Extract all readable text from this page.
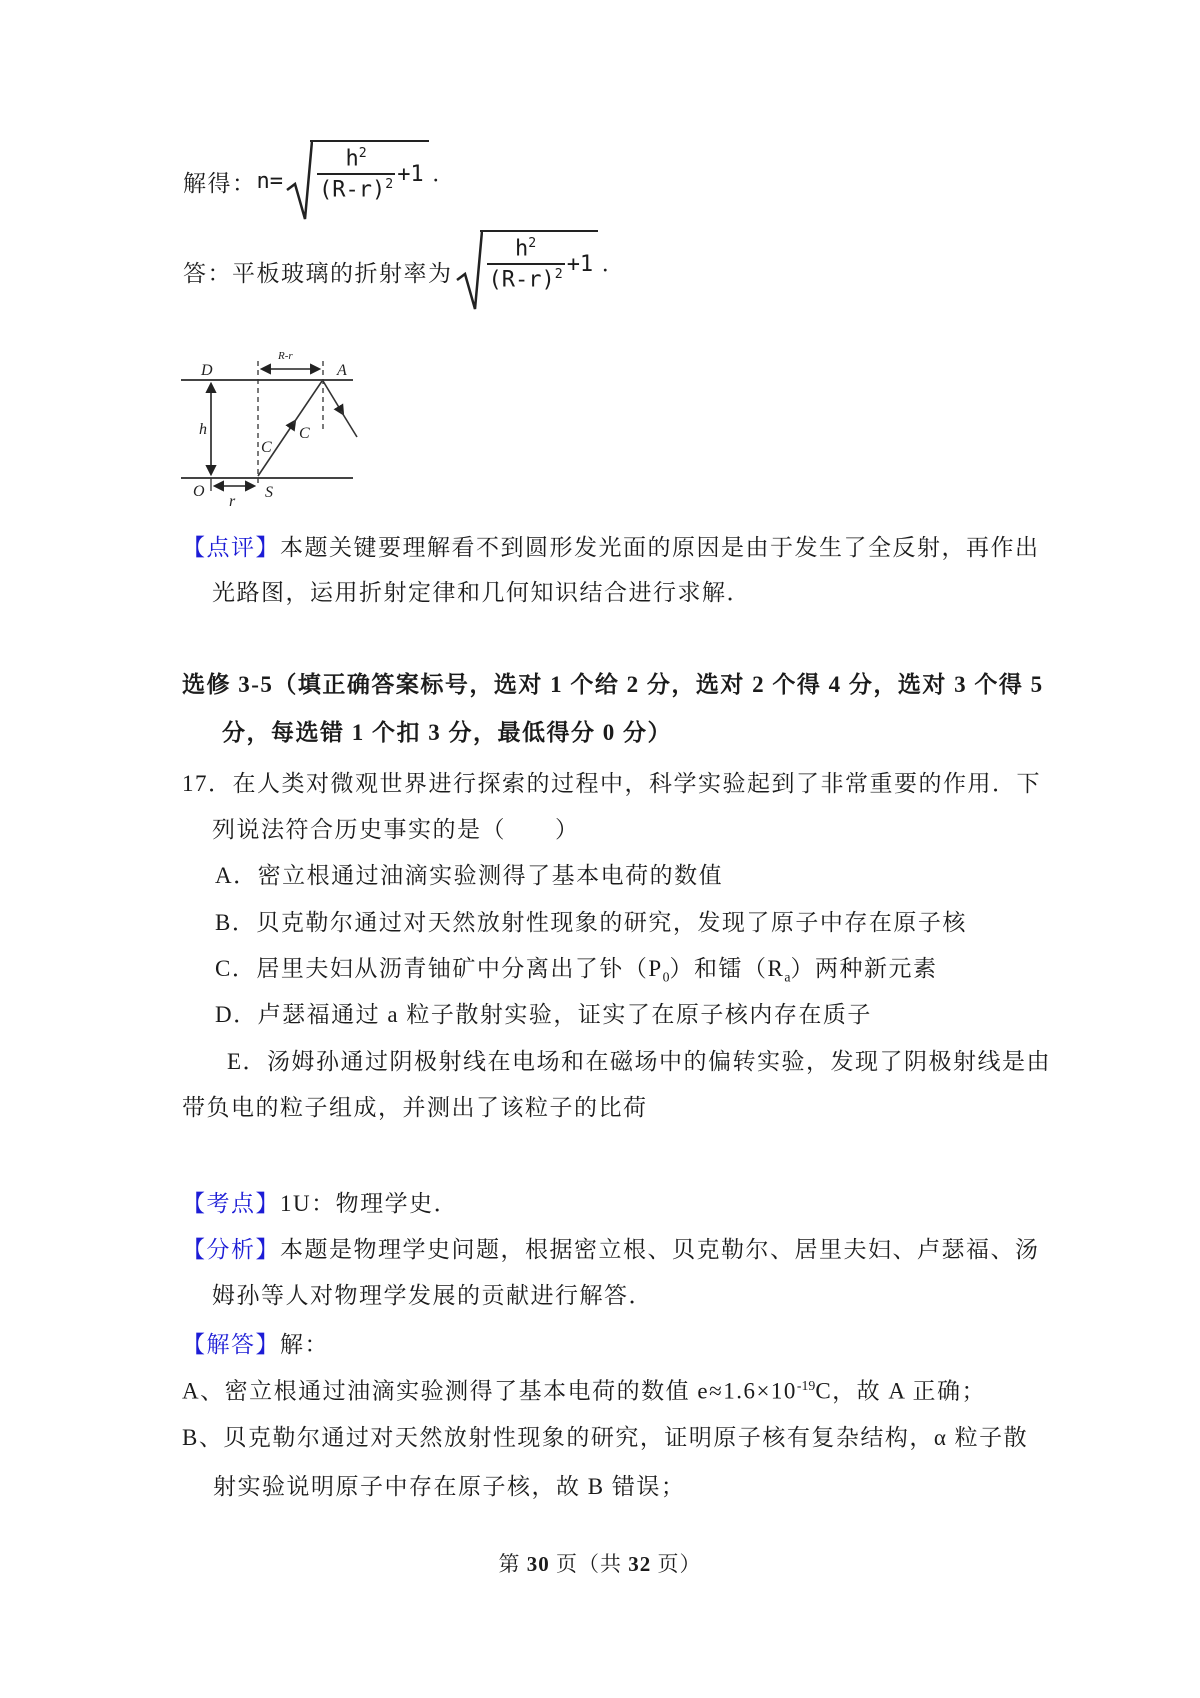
解得： $n= \frac{h^2}{(R-r)^2} +1$ ·
答：平板玻璃的折射率为 $\frac{h^2}{(R-r)^2} +1$ ·
D	A
R-r
h
C
C
O
r
S
【点评】本题关键要理解看不到圆形发光面的原因是由于发生了全反射，再作出
光路图，运用折射定律和几何知识结合进行求解．
选修 3-5（填正确答案标号，选对 1 个给 2 分，选对 2 个得 4 分，选对 3 个得 5
分，每选错 1 个扣 3 分，最低得分 0 分）
17．在人类对微观世界进行探索的过程中，科学实验起到了非常重要的作用．下
列说法符合历史事实的是（　　）
A．密立根通过油滴实验测得了基本电荷的数值
B．贝克勒尔通过对天然放射性现象的研究，发现了原子中存在原子核
C．居里夫妇从沥青铀矿中分离出了钋$(P_0)$和镭$(R_a)$两种新元素
D．卢瑟福通过 a 粒子散射实验，证实了在原子核内存在质子
E．汤姆孙通过阴极射线在电场和在磁场中的偏转实验，发现了阴极射线是由
带负电的粒子组成，并测出了该粒子的比荷
【考点】1U：物理学史．
【分析】本题是物理学史问题，根据密立根、贝克勒尔、居里夫妇、卢瑟福、汤
姆孙等人对物理学发展的贡献进行解答．
【解答】解：
A、密立根通过油滴实验测得了基本电荷的数值 $e\approx 1.6\times 10^{-19}C$，故 A 正确；
B、贝克勒尔通过对天然放射性现象的研究，证明原子核有复杂结构，α 粒子散
射实验说明原子中存在原子核，故 B 错误；
第 30 页（共 32 页）
